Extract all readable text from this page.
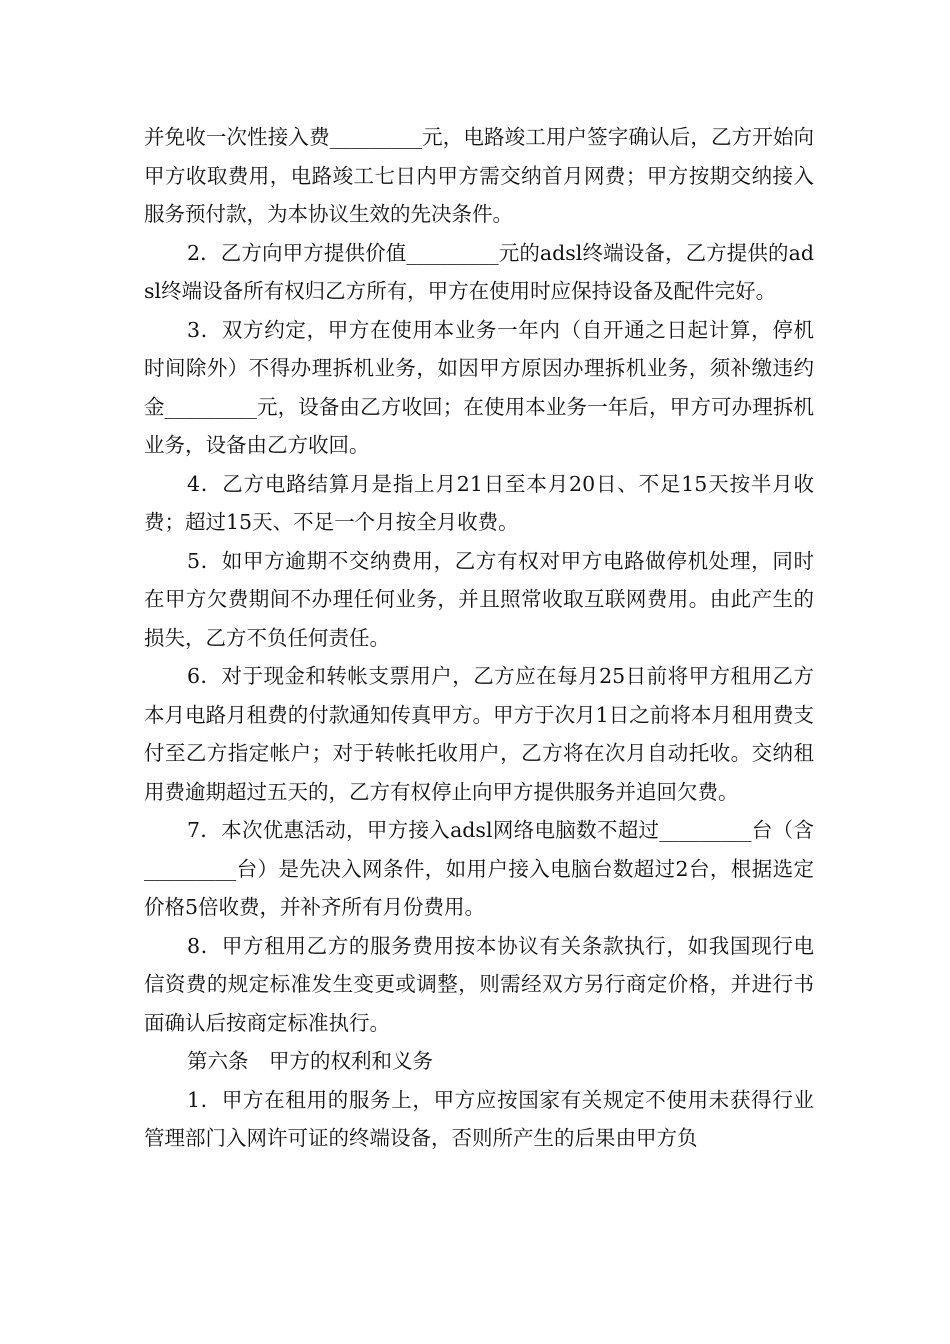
并免收一次性接入费_________元，电路竣工用户签字确认后，乙方开始向甲方收取费用，电路竣工七日内甲方需交纳首月网费；甲方按期交纳接入服务预付款，为本协议生效的先决条件。

2．乙方向甲方提供价值_________元的adsl终端设备，乙方提供的adsl终端设备所有权归乙方所有，甲方在使用时应保持设备及配件完好。

3．双方约定，甲方在使用本业务一年内（自开通之日起计算，停机时间除外）不得办理拆机业务，如因甲方原因办理拆机业务，须补缴违约金_________元，设备由乙方收回；在使用本业务一年后，甲方可办理拆机业务，设备由乙方收回。

4．乙方电路结算月是指上月21日至本月20日、不足15天按半月收费；超过15天、不足一个月按全月收费。

5．如甲方逾期不交纳费用，乙方有权对甲方电路做停机处理，同时在甲方欠费期间不办理任何业务，并且照常收取互联网费用。由此产生的损失，乙方不负任何责任。

6．对于现金和转帐支票用户，乙方应在每月25日前将甲方租用乙方本月电路月租费的付款通知传真甲方。甲方于次月1日之前将本月租用费支付至乙方指定帐户；对于转帐托收用户，乙方将在次月自动托收。交纳租用费逾期超过五天的，乙方有权停止向甲方提供服务并追回欠费。

7．本次优惠活动，甲方接入adsl网络电脑数不超过_________台（含_________台）是先决入网条件，如用户接入电脑台数超过2台，根据选定价格5倍收费，并补齐所有月份费用。

8．甲方租用乙方的服务费用按本协议有关条款执行，如我国现行电信资费的规定标准发生变更或调整，则需经双方另行商定价格，并进行书面确认后按商定标准执行。

第六条　甲方的权利和义务

1．甲方在租用的服务上，甲方应按国家有关规定不使用未获得行业管理部门入网许可证的终端设备，否则所产生的后果由甲方负
